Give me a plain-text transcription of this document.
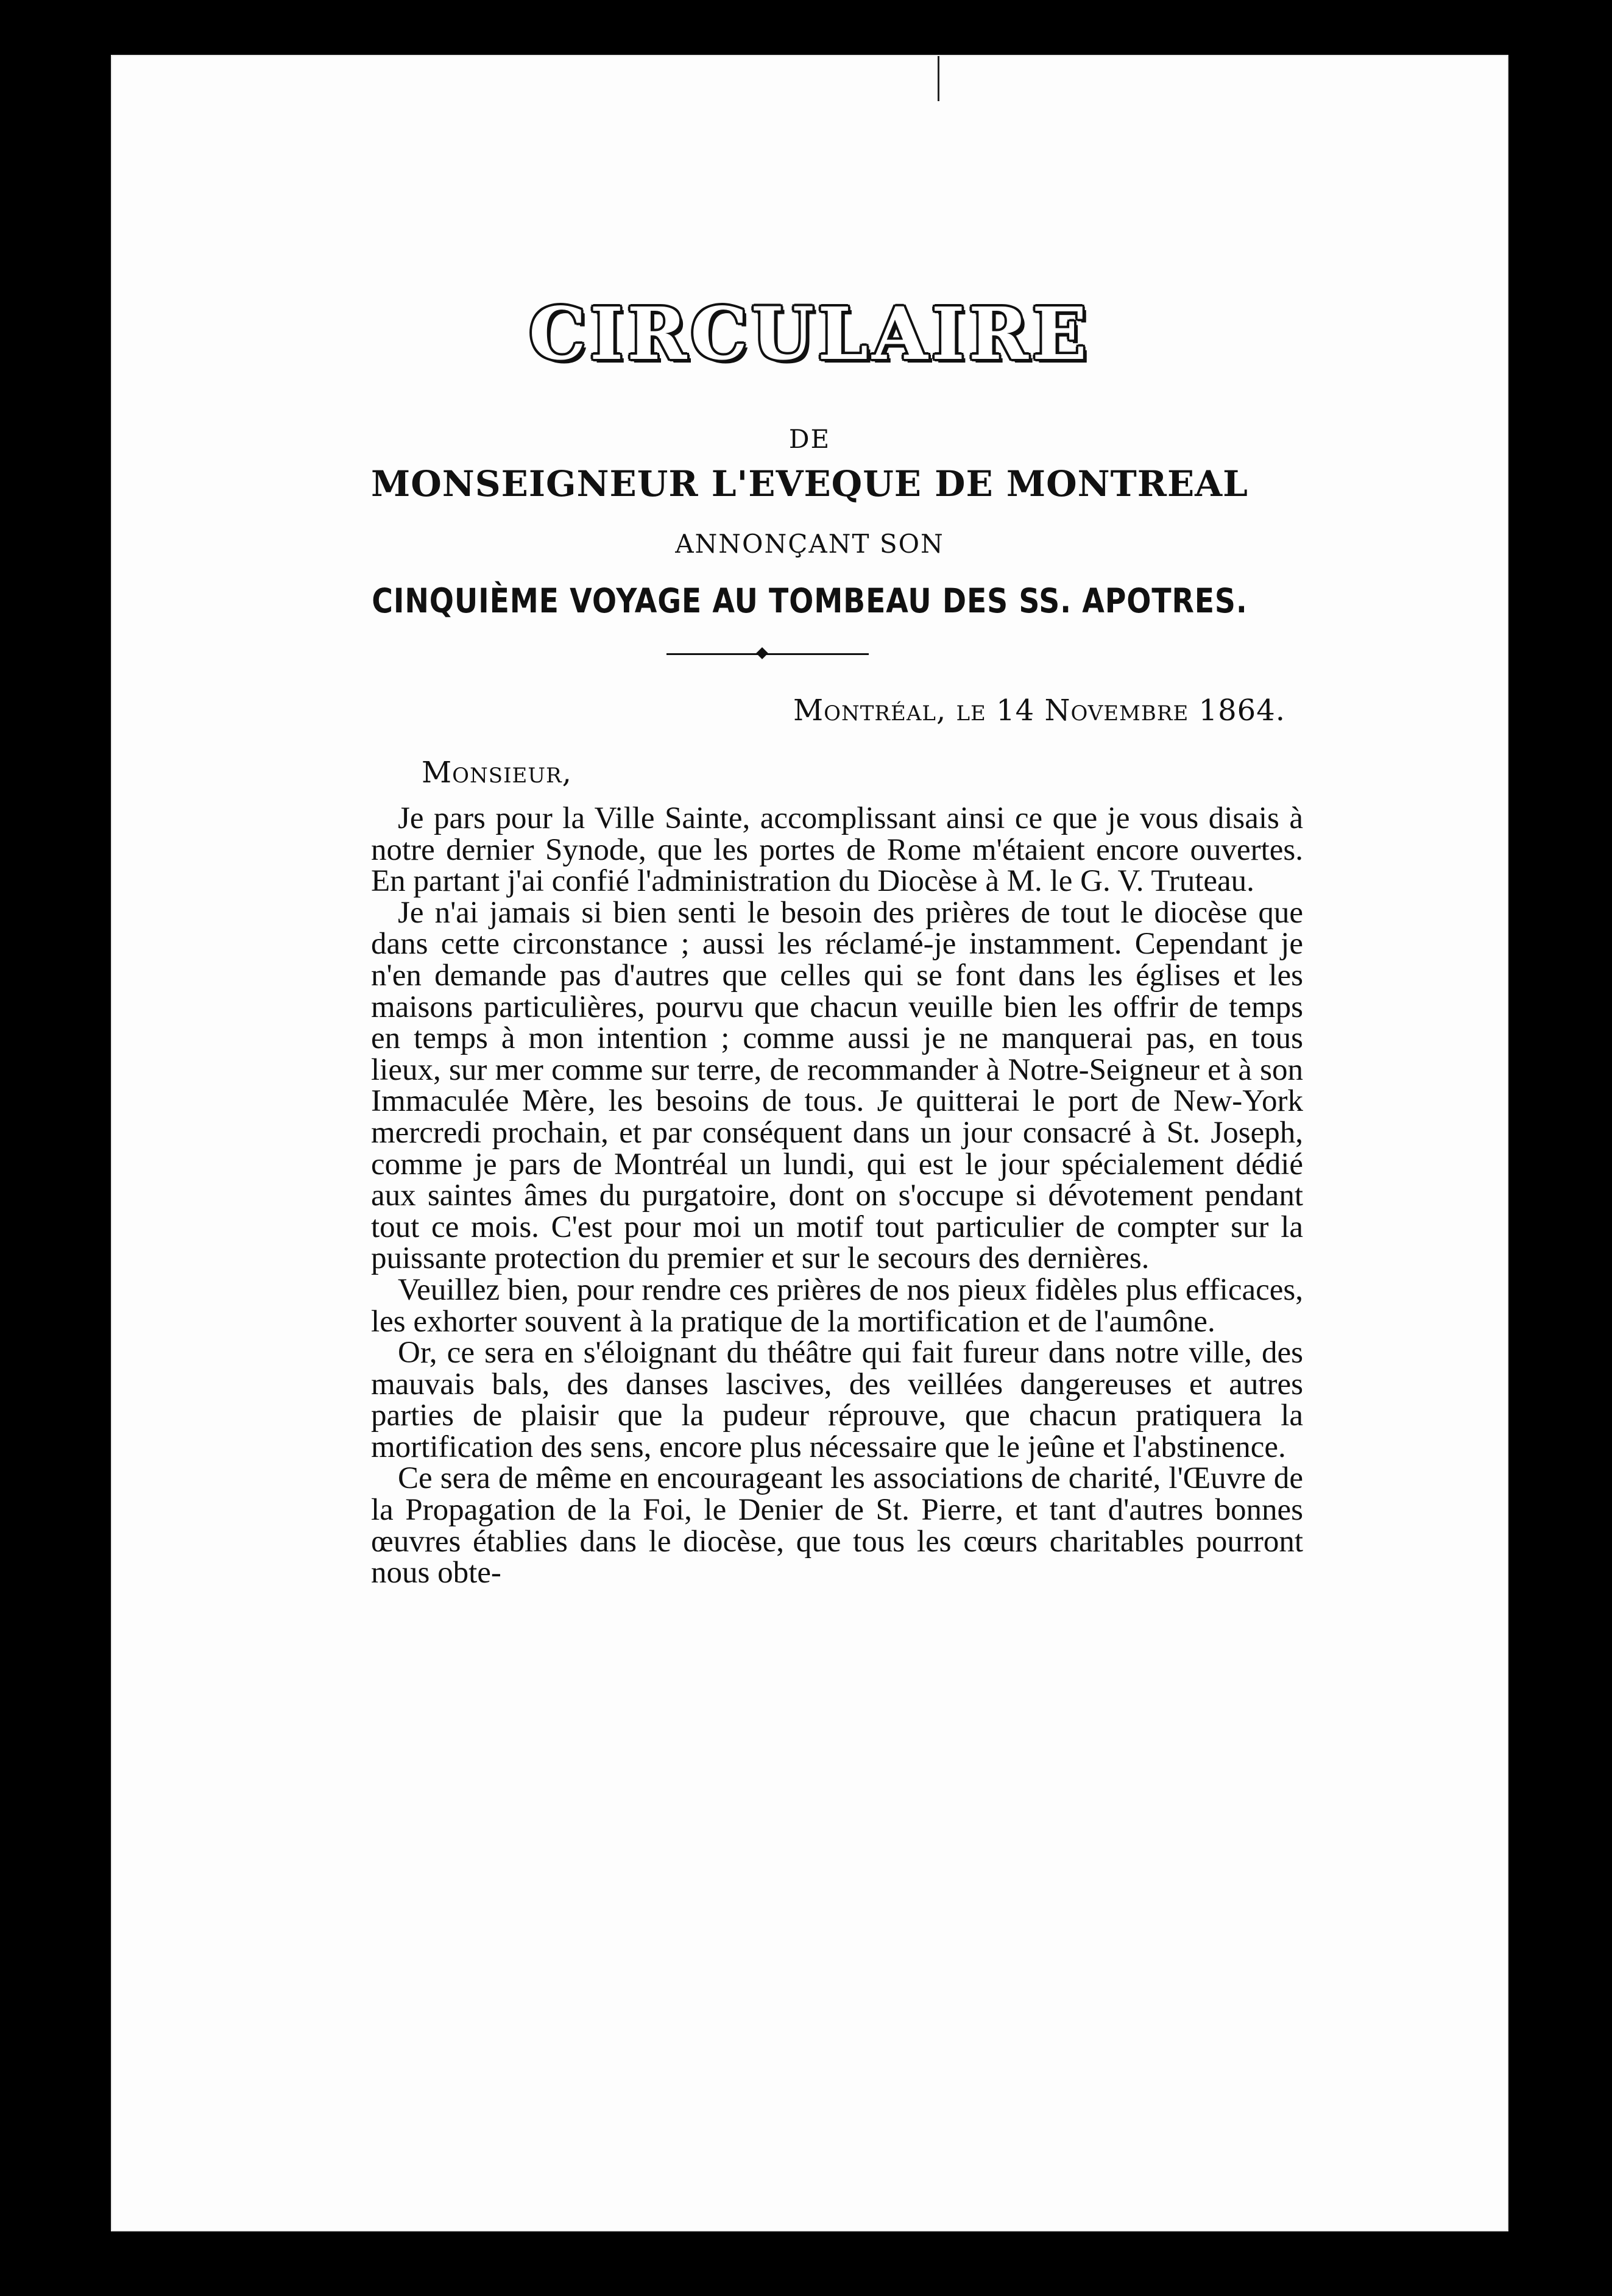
CIRCULAIRE
DE
MONSEIGNEUR L'EVEQUE DE MONTREAL
ANNONÇANT SON
CINQUIÈME VOYAGE AU TOMBEAU DES SS. APOTRES.
Montréal, le 14 Novembre 1864.
Monsieur,

Je pars pour la Ville Sainte, accomplissant ainsi ce que je vous disais à notre dernier Synode, que les portes de Rome m'étaient encore ouvertes. En partant j'ai confié l'administration du Diocèse à M. le G. V. Truteau.

Je n'ai jamais si bien senti le besoin des prières de tout le diocèse que dans cette circonstance ; aussi les réclamé-je instamment. Cependant je n'en demande pas d'autres que celles qui se font dans les églises et les maisons particulières, pourvu que chacun veuille bien les offrir de temps en temps à mon intention ; comme aussi je ne manquerai pas, en tous lieux, sur mer comme sur terre, de recommander à Notre-Seigneur et à son Immaculée Mère, les besoins de tous. Je quitterai le port de New-York mercredi prochain, et par conséquent dans un jour consacré à St. Joseph, comme je pars de Montréal un lundi, qui est le jour spécialement dédié aux saintes âmes du purgatoire, dont on s'occupe si dévotement pendant tout ce mois. C'est pour moi un motif tout particulier de compter sur la puissante protection du premier et sur le secours des dernières.

Veuillez bien, pour rendre ces prières de nos pieux fidèles plus efficaces, les exhorter souvent à la pratique de la mortification et de l'aumône.

Or, ce sera en s'éloignant du théâtre qui fait fureur dans notre ville, des mauvais bals, des danses lascives, des veillées dangereuses et autres parties de plaisir que la pudeur réprouve, que chacun pratiquera la mortification des sens, encore plus nécessaire que le jeûne et l'abstinence.

Ce sera de même en encourageant les associations de charité, l'Œuvre de la Propagation de la Foi, le Denier de St. Pierre, et tant d'autres bonnes œuvres établies dans le diocèse, que tous les cœurs charitables pourront nous obte-
